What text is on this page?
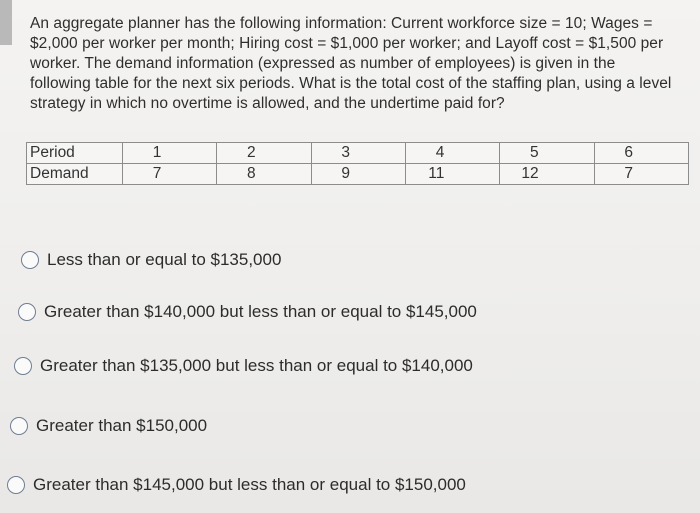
An aggregate planner has the following information: Current workforce size = 10; Wages = $2,000 per worker per month; Hiring cost = $1,000 per worker; and Layoff cost = $1,500 per worker. The demand information (expressed as number of employees) is given in the following table for the next six periods. What is the total cost of the staffing plan, using a level strategy in which no overtime is allowed, and the undertime paid for?
Period	1	2	3	4	5	6
Demand	7	8	9	11	12	7
Less than or equal to $135,000
Greater than $140,000 but less than or equal to $145,000
Greater than $135,000 but less than or equal to $140,000
Greater than $150,000
Greater than $145,000 but less than or equal to $150,000
